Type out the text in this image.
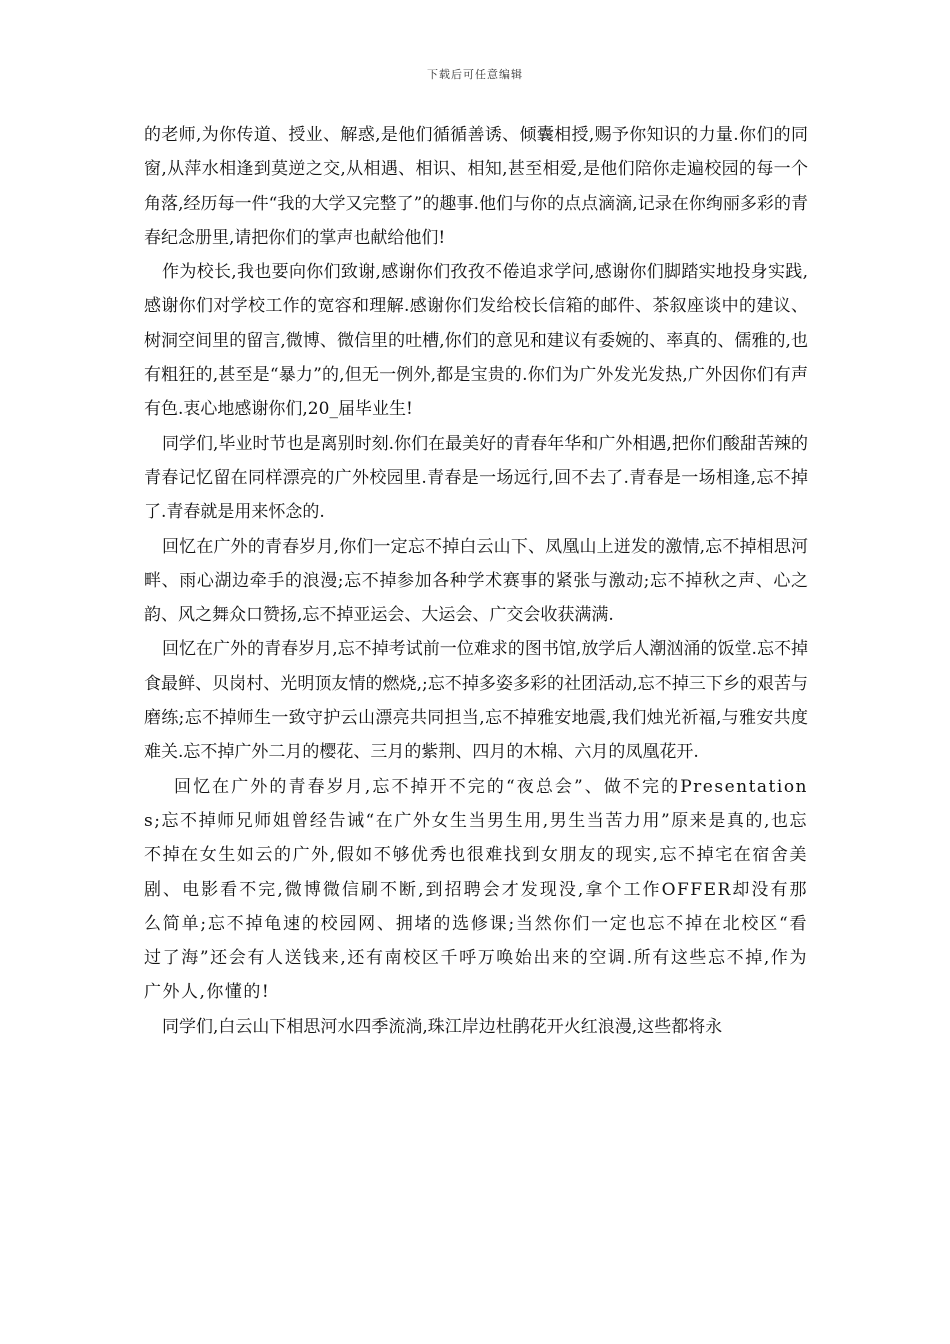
下载后可任意编辑

的老师,为你传道、授业、解惑,是他们循循善诱、倾囊相授,赐予你知识的力量.你们的同窗,从萍水相逢到莫逆之交,从相遇、相识、相知,甚至相爱,是他们陪你走遍校园的每一个角落,经历每一件“我的大学又完整了”的趣事.他们与你的点点滴滴,记录在你绚丽多彩的青春纪念册里,请把你们的掌声也献给他们!

作为校长,我也要向你们致谢,感谢你们孜孜不倦追求学问,感谢你们脚踏实地投身实践,感谢你们对学校工作的宽容和理解.感谢你们发给校长信箱的邮件、茶叙座谈中的建议、树洞空间里的留言,微博、微信里的吐槽,你们的意见和建议有委婉的、率真的、儒雅的,也有粗狂的,甚至是“暴力”的,但无一例外,都是宝贵的.你们为广外发光发热,广外因你们有声有色.衷心地感谢你们,20_届毕业生!

同学们,毕业时节也是离别时刻.你们在最美好的青春年华和广外相遇,把你们酸甜苦辣的青春记忆留在同样漂亮的广外校园里.青春是一场远行,回不去了.青春是一场相逢,忘不掉了.青春就是用来怀念的.

回忆在广外的青春岁月,你们一定忘不掉白云山下、凤凰山上迸发的激情,忘不掉相思河畔、雨心湖边牵手的浪漫;忘不掉参加各种学术赛事的紧张与激动;忘不掉秋之声、心之韵、风之舞众口赞扬,忘不掉亚运会、大运会、广交会收获满满.

回忆在广外的青春岁月,忘不掉考试前一位难求的图书馆,放学后人潮汹涌的饭堂.忘不掉食最鲜、贝岗村、光明顶友情的燃烧,;忘不掉多姿多彩的社团活动,忘不掉三下乡的艰苦与磨练;忘不掉师生一致守护云山漂亮共同担当,忘不掉雅安地震,我们烛光祈福,与雅安共度难关.忘不掉广外二月的樱花、三月的紫荆、四月的木棉、六月的凤凰花开.

回忆在广外的青春岁月,忘不掉开不完的“夜总会”、做不完的Presentations;忘不掉师兄师姐曾经告诫“在广外女生当男生用,男生当苦力用”原来是真的,也忘不掉在女生如云的广外,假如不够优秀也很难找到女朋友的现实,忘不掉宅在宿舍美剧、电影看不完,微博微信刷不断,到招聘会才发现没,拿个工作OFFER却没有那么简单;忘不掉龟速的校园网、拥堵的选修课;当然你们一定也忘不掉在北校区“看过了海”还会有人送钱来,还有南校区千呼万唤始出来的空调.所有这些忘不掉,作为广外人,你懂的!

同学们,白云山下相思河水四季流淌,珠江岸边杜鹃花开火红浪漫,这些都将永
